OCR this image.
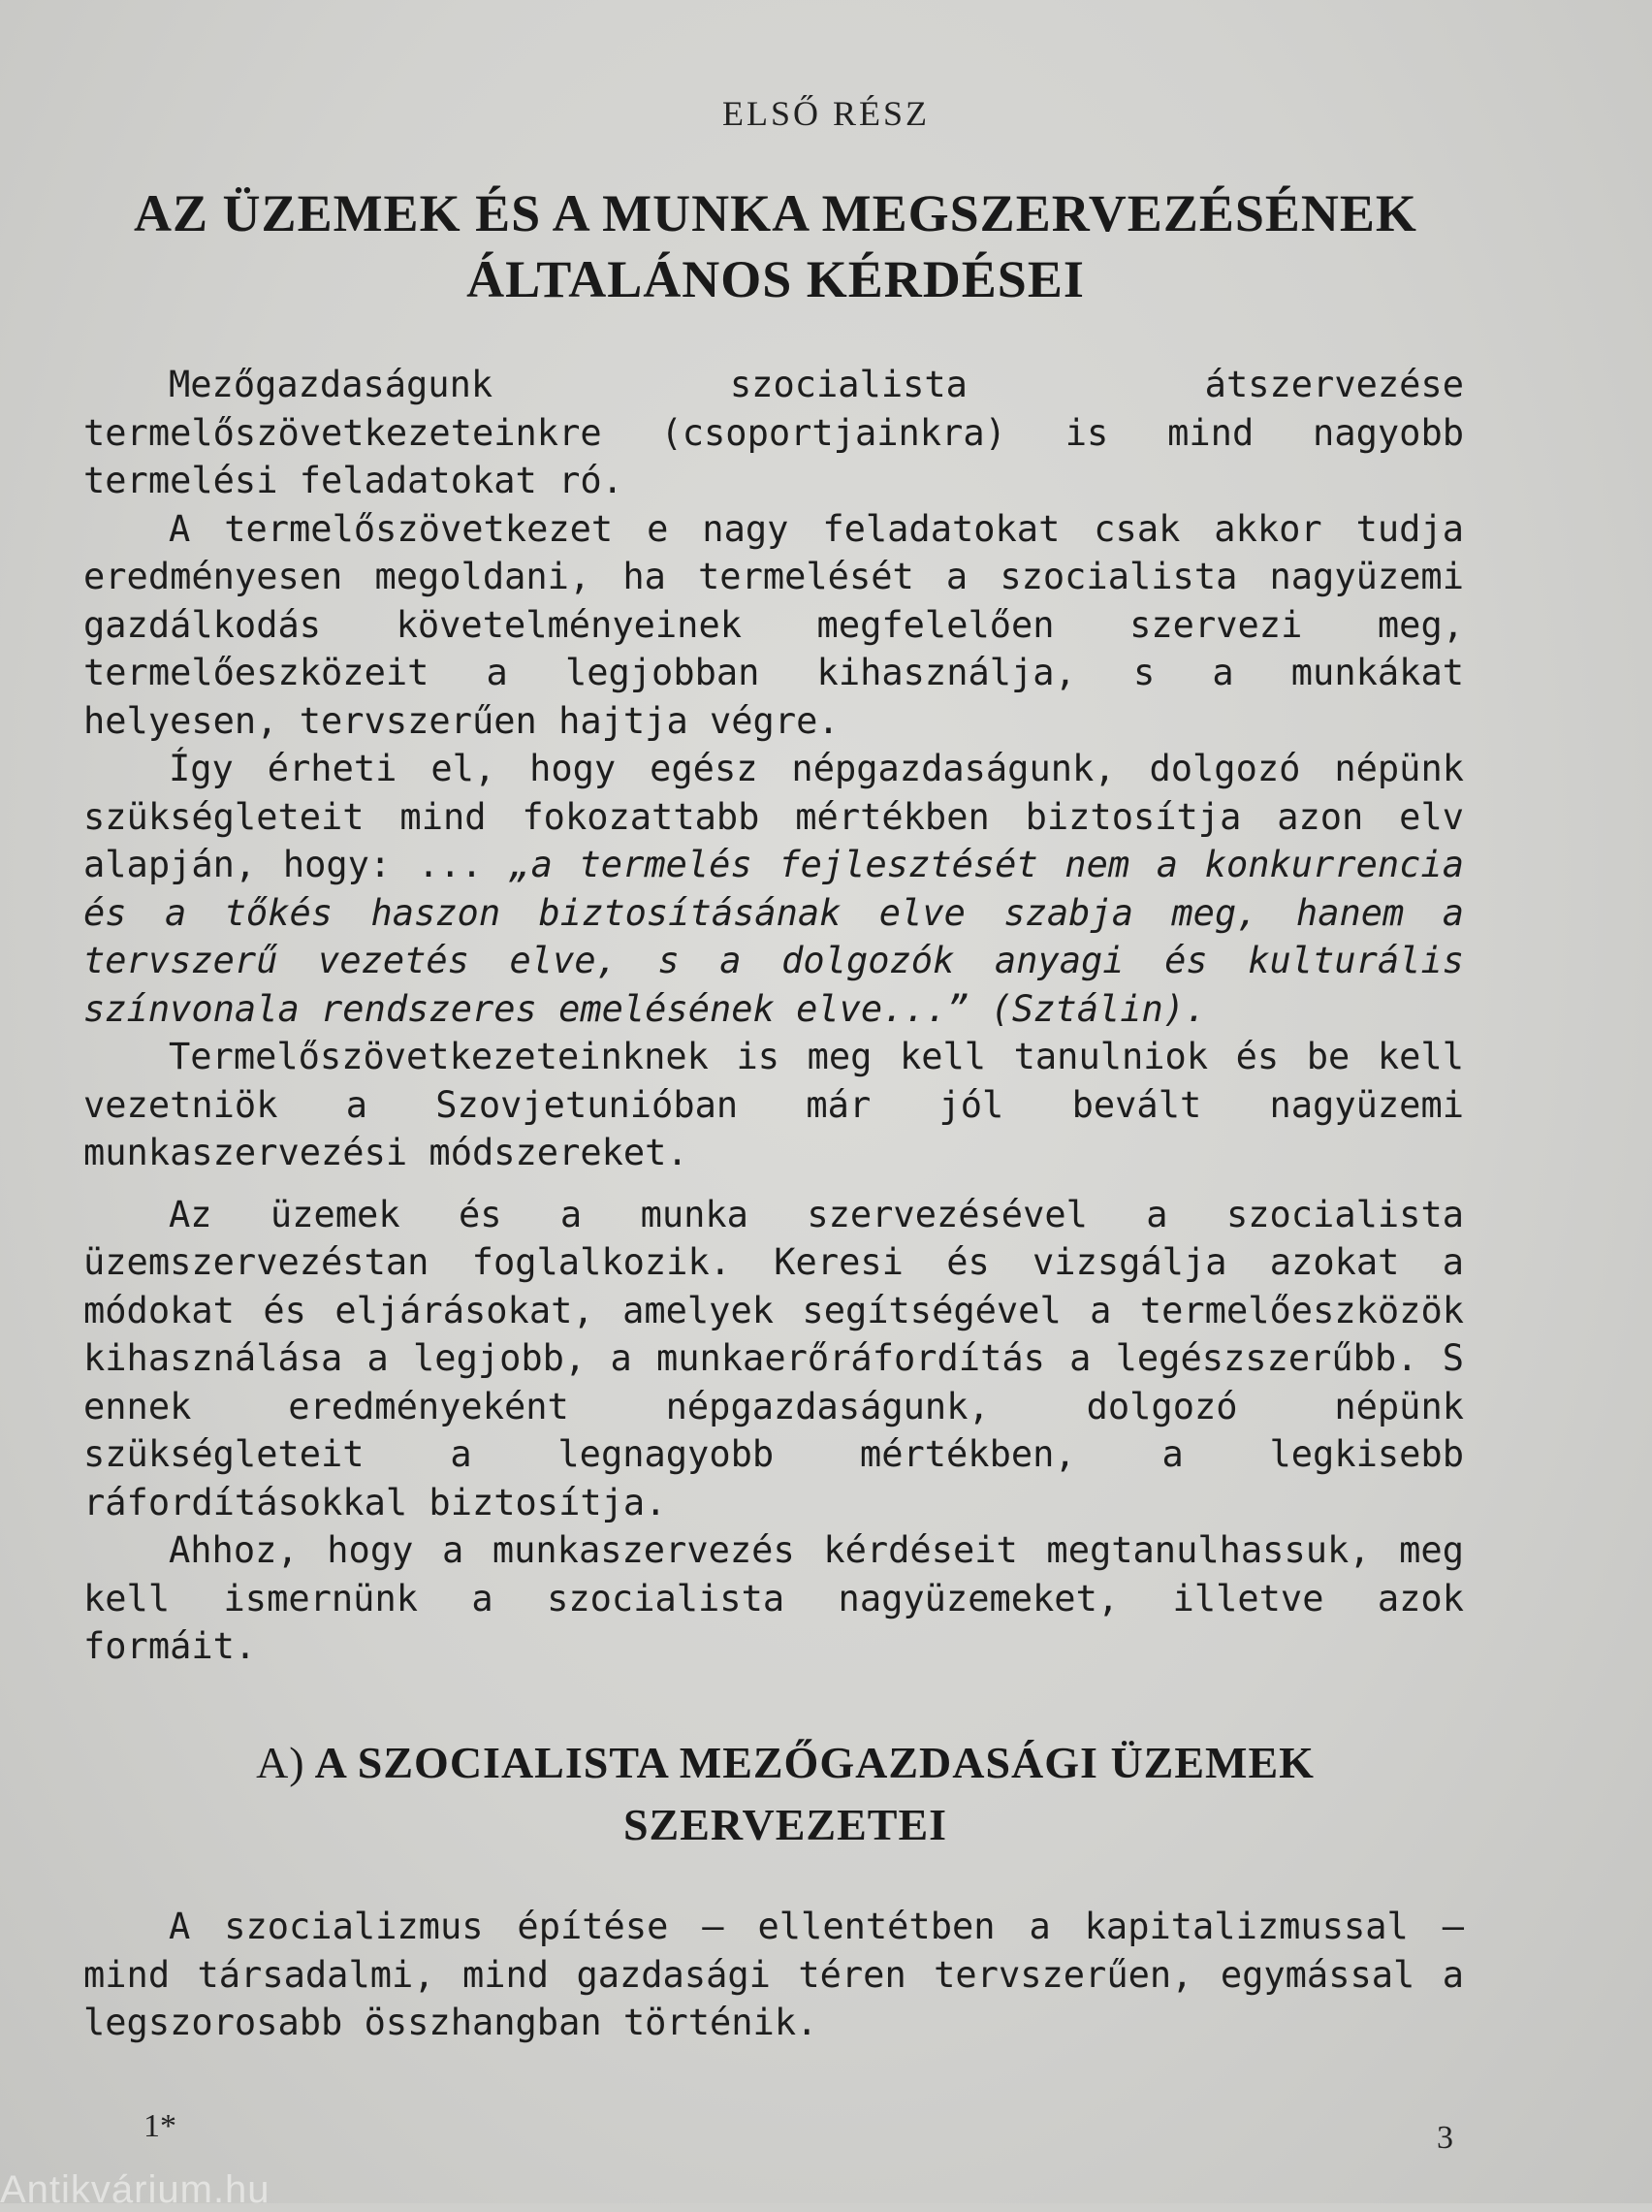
ELSŐ RÉSZ
AZ ÜZEMEK ÉS A MUNKA MEGSZERVEZÉSÉNEK
ÁLTALÁNOS KÉRDÉSEI

Mezőgazdaságunk szocialista átszervezése termelőszövetkezeteinkre (csoportjainkra) is mind nagyobb termelési feladatokat ró.

A termelőszövetkezet e nagy feladatokat csak akkor tudja eredményesen megoldani, ha termelését a szocialista nagyüzemi gazdálkodás követelményeinek megfelelően szervezi meg, termelőeszközeit a legjobban kihasználja, s a munkákat helyesen, tervszerűen hajtja végre.

Így érheti el, hogy egész népgazdaságunk, dolgozó népünk szükségleteit mind fokozattabb mértékben biztosítja azon elv alapján, hogy: ... „a termelés fejlesztését nem a konkurrencia és a tőkés haszon biztosításának elve szabja meg, hanem a tervszerű vezetés elve, s a dolgozók anyagi és kulturális színvonala rendszeres emelésének elve...” (Sztálin).

Termelőszövetkezeteinknek is meg kell tanulniok és be kell vezetniök a Szovjetunióban már jól bevált nagyüzemi munkaszervezési módszereket.

Az üzemek és a munka szervezésével a szocialista üzemszervezéstan foglalkozik. Keresi és vizsgálja azokat a módokat és eljárásokat, amelyek segítségével a termelőeszközök kihasználása a legjobb, a munkaerőráfordítás a legészszerűbb. S ennek eredményeként népgazdaságunk, dolgozó népünk szükségleteit a legnagyobb mértékben, a legkisebb ráfordításokkal biztosítja.

Ahhoz, hogy a munkaszervezés kérdéseit megtanulhassuk, meg kell ismernünk a szocialista nagyüzemeket, illetve azok formáit.

A) A SZOCIALISTA MEZŐGAZDASÁGI ÜZEMEK
SZERVEZETEI

A szocializmus építése — ellentétben a kapitalizmussal — mind társadalmi, mind gazdasági téren tervszerűen, egymással a legszorosabb összhangban történik.

1*	3
Antikvárium.hu
